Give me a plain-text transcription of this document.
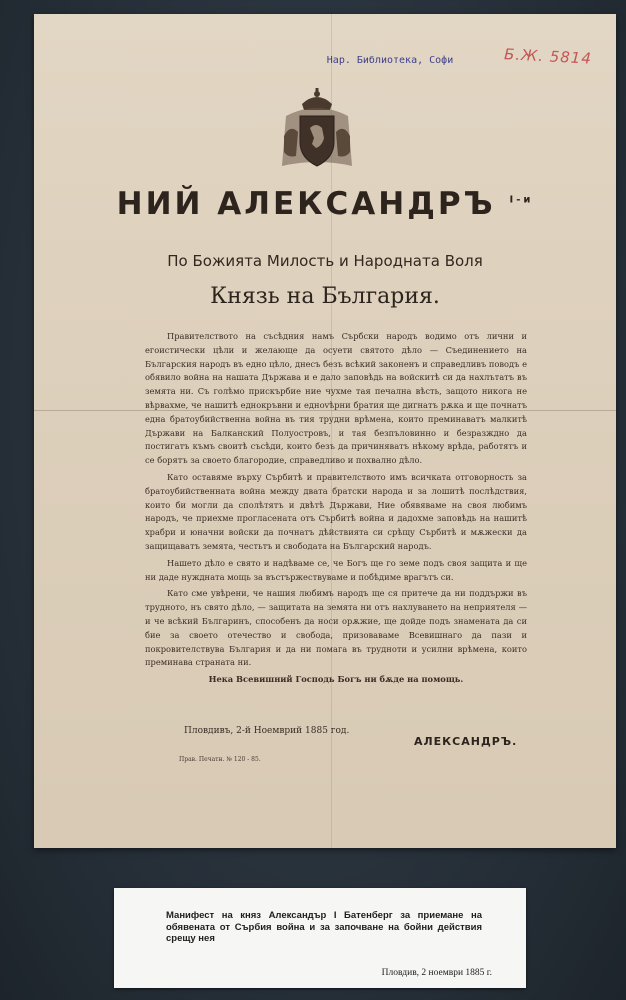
Нар. Библиотека, Софи	Б.Ж. 5814
НИЙ АЛЕКСАНДРЪ $^{I-и}$
По Божията Милость и Народната Воля
Князь на България.

Правителството на съсѣдния намъ Сърбски народъ водимо отъ лични и егоистически цѣли и желающе да осуети святото дѣло — Съединението на Българския народъ въ едно цѣло, днесъ безъ всѣкий законенъ и справедливъ поводъ е обявило война на нашата Държава и е дало заповѣдь на войскитѣ си да нахлътатъ въ земята ни. Съ голѣмо прискърбие ние чухме тая печална вѣсть, защото никога не вѣрвахме, че нашитѣ еднокръвни и еднovѣрни братия ще дигнатъ рѫка и ще почнатъ една братоубийственна война въ тия трудни врѣмена, които преминаватъ малкитѣ Държави на Балканский Полуостровъ, и тая безпъловинно и безразждно да постигатъ къмъ своитѣ съсѣди, които безъ да причиняватъ нѣкому врѣда, работятъ и се борятъ за своето благородие, справедливо и похвално дѣло.

Като оставяме върху Сърбитѣ и правителството имъ всичката отговорность за братоубийственната война между двата братски народа и за лошитѣ послѣдствия, които би могли да сполѣтятъ и двѣтѣ Държави, Ние обявяваме на своя любимъ народъ, че приехме прогласената отъ Сърбитѣ война и дадохме заповѣдь на нашитѣ храбри и юначни войски да почнатъ дѣйствията си срѣщу Сърбитѣ и мѫжески да защищаватъ земята, честьтъ и свободата на Българский народъ.

Нашето дѣло е свято и надѣваме се, че Богъ ще го земе подъ своя защита и ще ни даде нуждната мощь за въстържествуваме и побѣдиме врагътъ си.

Като сме увѣрени, че нашия любимъ народъ ще ся притече да ни поддържи въ трудното, нъ свято дѣло, — защитата на земята ни отъ нахлуването на неприятеля — и че всѣкий Българинъ, способенъ да носи орѫжие, ще дойде подъ знамената да си бие за своето отечество и свобода, призоваваме Всевишнаго да пази и покровителствува България и да ни помага въ трудноти и усилни врѣмена, които преминава страната ни.

Нека Всевишний Господь Богъ ни бѫде на помощь.

Пловдивъ, 2-й Ноемврий 1885 год.
АЛЕКСАНДРЪ.
Прав. Печатн. № 120 - 85.
Манифест на княз Александър I Батенберг за приемане на обявената от Сърбия война и за започване на бойни действия срещу нея
Пловдив, 2 ноември 1885 г.
